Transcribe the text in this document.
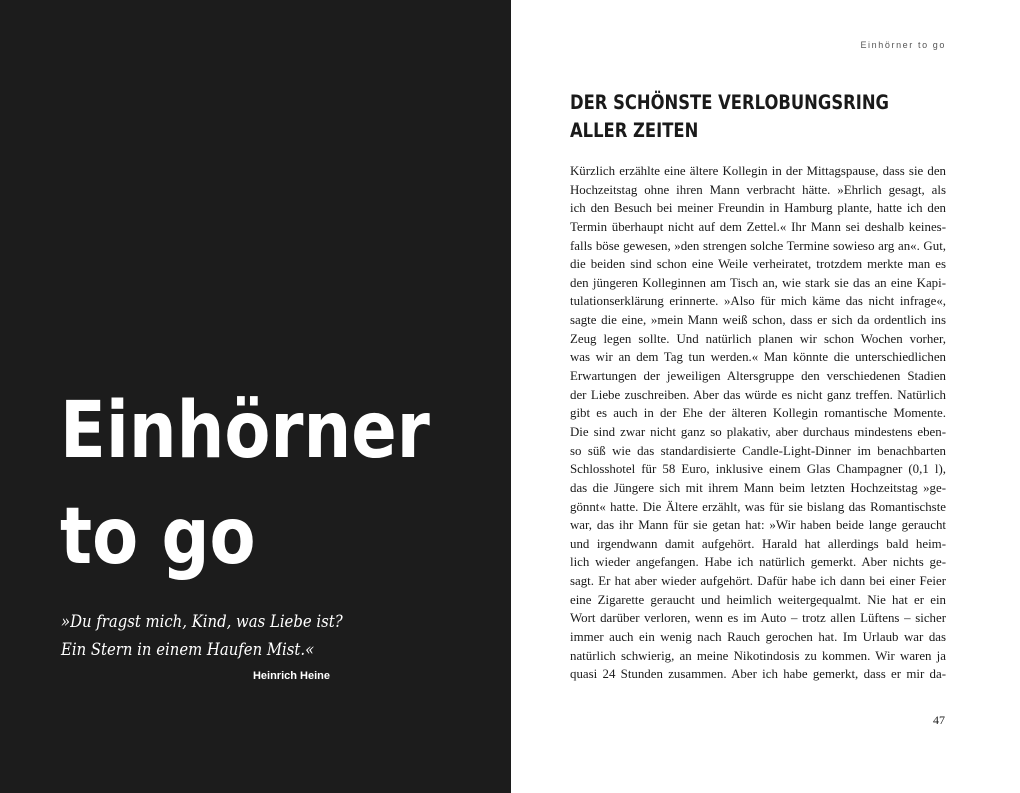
Einhörner
to go
»Du fragst mich, Kind, was Liebe ist?
Ein Stern in einem Haufen Mist.«
Heinrich Heine
Einhörner to go
DER SCHÖNSTE VERLOBUNGSRING
ALLER ZEITEN
Kürzlich erzählte eine ältere Kollegin in der Mittagspause, dass sie den
Hochzeitstag ohne ihren Mann verbracht hätte. »Ehrlich gesagt, als
ich den Besuch bei meiner Freundin in Hamburg plante, hatte ich den
Termin überhaupt nicht auf dem Zettel.« Ihr Mann sei deshalb keines-
falls böse gewesen, »den strengen solche Termine sowieso arg an«. Gut,
die beiden sind schon eine Weile verheiratet, trotzdem merkte man es
den jüngeren Kolleginnen am Tisch an, wie stark sie das an eine Kapi-
tulationserklärung erinnerte. »Also für mich käme das nicht infrage«,
sagte die eine, »mein Mann weiß schon, dass er sich da ordentlich ins
Zeug legen sollte. Und natürlich planen wir schon Wochen vorher,
was wir an dem Tag tun werden.« Man könnte die unterschiedlichen
Erwartungen der jeweiligen Altersgruppe den verschiedenen Stadien
der Liebe zuschreiben. Aber das würde es nicht ganz treffen. Natürlich
gibt es auch in der Ehe der älteren Kollegin romantische Momente.
Die sind zwar nicht ganz so plakativ, aber durchaus mindestens eben-
so süß wie das standardisierte Candle-Light-Dinner im benachbarten
Schlosshotel für 58 Euro, inklusive einem Glas Champagner (0,1 l),
das die Jüngere sich mit ihrem Mann beim letzten Hochzeitstag »ge-
gönnt« hatte. Die Ältere erzählt, was für sie bislang das Romantischste
war, das ihr Mann für sie getan hat: »Wir haben beide lange geraucht
und irgendwann damit aufgehört. Harald hat allerdings bald heim-
lich wieder angefangen. Habe ich natürlich gemerkt. Aber nichts ge-
sagt. Er hat aber wieder aufgehört. Dafür habe ich dann bei einer Feier
eine Zigarette geraucht und heimlich weitergequalmt. Nie hat er ein
Wort darüber verloren, wenn es im Auto – trotz allen Lüftens – sicher
immer auch ein wenig nach Rauch gerochen hat. Im Urlaub war das
natürlich schwierig, an meine Nikotindosis zu kommen. Wir waren ja
quasi 24 Stunden zusammen. Aber ich habe gemerkt, dass er mir da-
47
